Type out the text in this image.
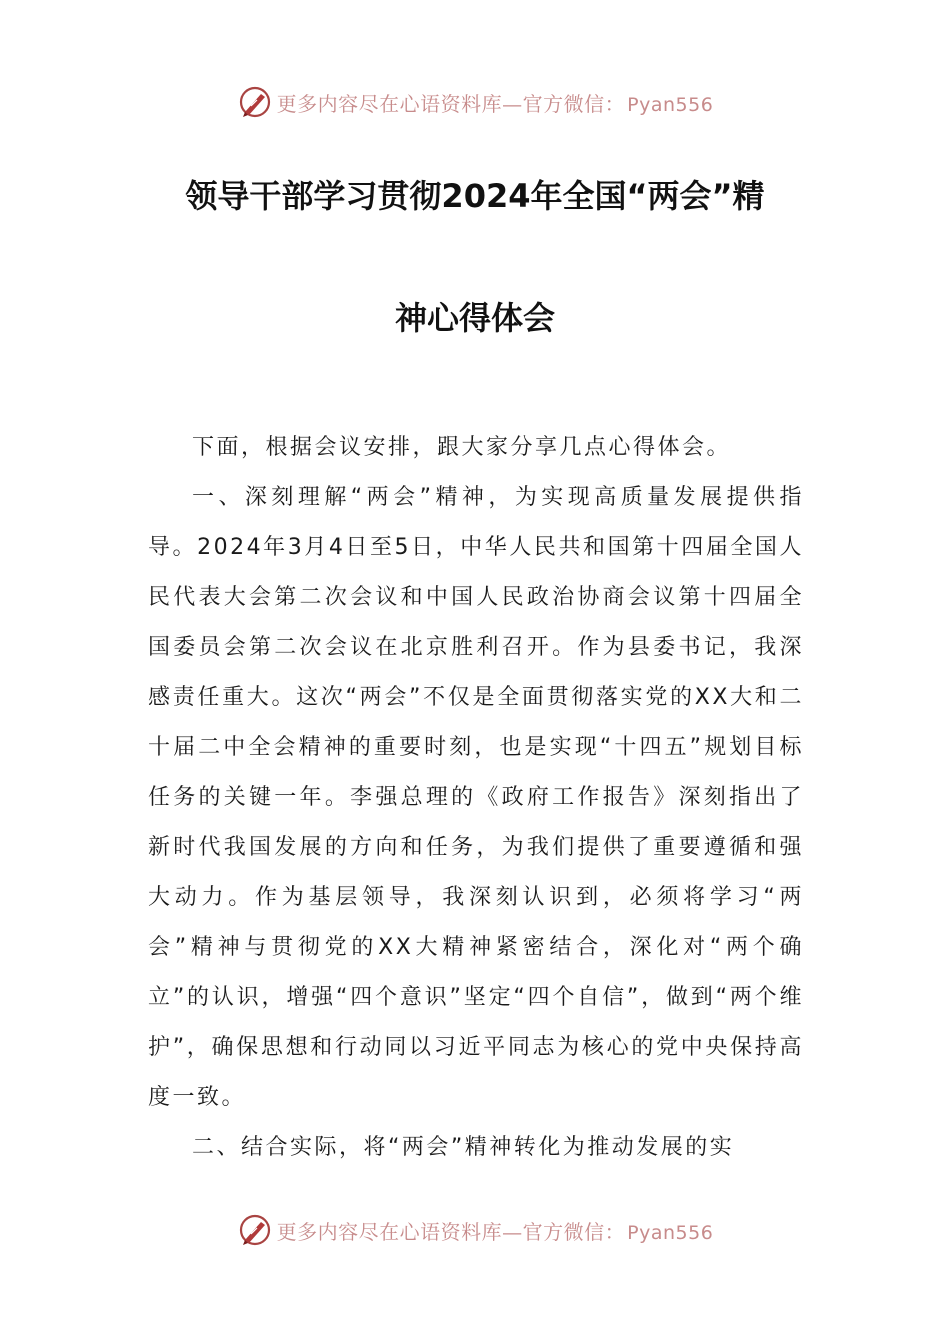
更多内容尽在心语资料库—官方微信： Pyan556
领导干部学习贯彻2024年全国“两会”精
神心得体会

下面，根据会议安排，跟大家分享几点心得体会。

一、深刻理解“两会”精神，为实现高质量发展提供指导。2024年3月4日至5日，中华人民共和国第十四届全国人民代表大会第二次会议和中国人民政治协商会议第十四届全国委员会第二次会议在北京胜利召开。作为县委书记，我深感责任重大。这次“两会”不仅是全面贯彻落实党的XX大和二十届二中全会精神的重要时刻，也是实现“十四五”规划目标任务的关键一年。李强总理的《政府工作报告》深刻指出了新时代我国发展的方向和任务，为我们提供了重要遵循和强大动力。作为基层领导，我深刻认识到，必须将学习“两会”精神与贯彻党的XX大精神紧密结合，深化对“两个确立”的认识，增强“四个意识”坚定“四个自信”，做到“两个维护”，确保思想和行动同以习近平同志为核心的党中央保持高度一致。

二、结合实际，将“两会”精神转化为推动发展的实

更多内容尽在心语资料库—官方微信： Pyan556
